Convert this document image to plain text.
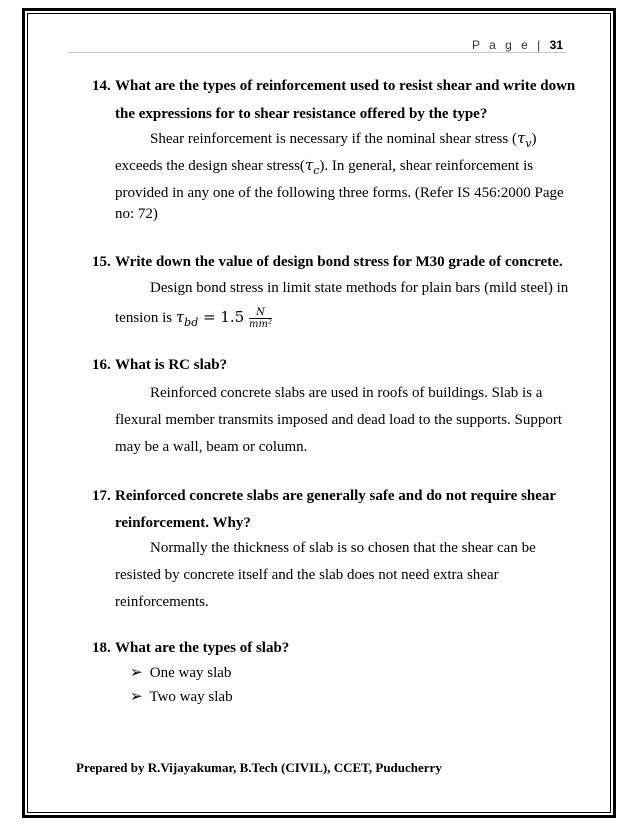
P a g e | 31
14. What are the types of reinforcement used to resist shear and write down
the expressions for to shear resistance offered by the type?
Shear reinforcement is necessary if the nominal shear stress $(\tau_v)$
exceeds the design shear $stress(\tau_c)$. In general, shear reinforcement is
provided in any one of the following three forms. (Refer IS 456:2000 Page
no: 72)
15. Write down the value of design bond stress for M30 grade of concrete.
Design bond stress in limit state methods for plain bars (mild steel) in
tension is $\tau_{bd} = 1.5 \frac{N}{\text{mm²}}$
16. What is RC slab?
Reinforced concrete slabs are used in roofs of buildings. Slab is a
flexural member transmits imposed and dead load to the supports. Support
may be a wall, beam or column.
17. Reinforced concrete slabs are generally safe and do not require shear
reinforcement. Why?
Normally the thickness of slab is so chosen that the shear can be
resisted by concrete itself and the slab does not need extra shear
reinforcements.
18. What are the types of slab?
➢ One way slab
➢ Two way slab
Prepared by R.Vijayakumar, B.Tech (CIVIL), CCET, Puducherry
